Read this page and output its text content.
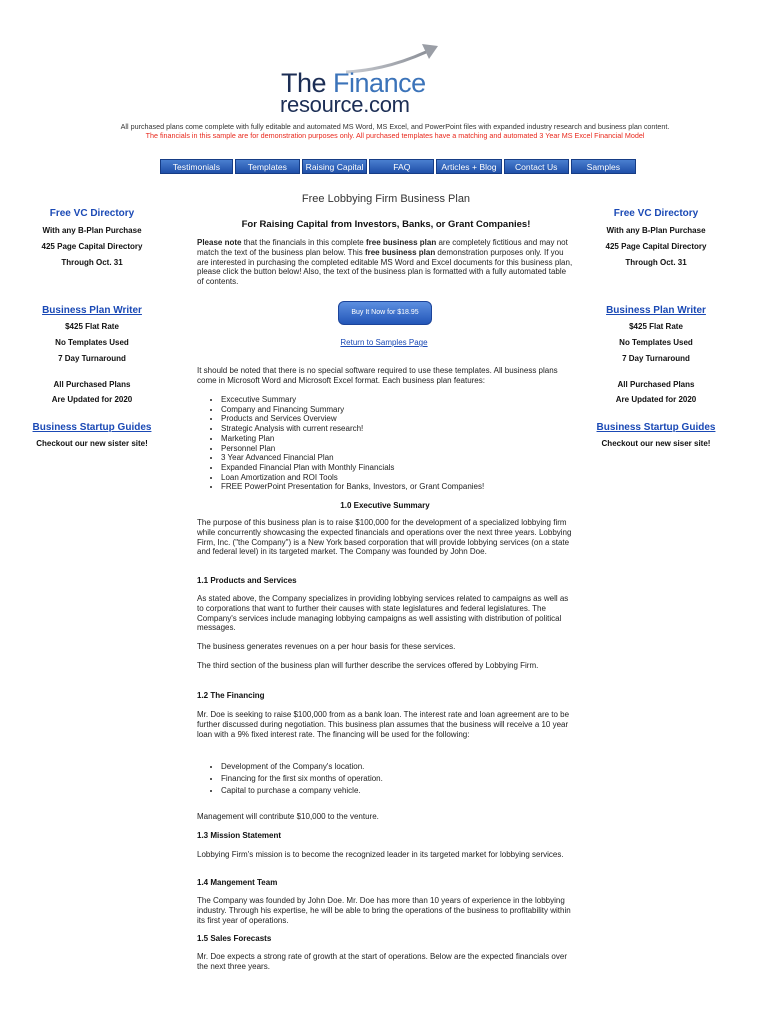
The Finance
resource.com
All purchased plans come complete with fully editable and automated MS Word, MS Excel, and PowerPoint files with expanded industry research and business plan content.
The financials in this sample are for demonstration purposes only. All purchased templates have a matching and automated 3 Year MS Excel Financial Model
Testimonials	Templates	Raising Capital	FAQ	Articles + Blog	Contact Us	Samples
Free VC Directory
With any B-Plan Purchase
425 Page Capital Directory
Through Oct. 31
Business Plan Writer
$425 Flat Rate
No Templates Used
7 Day Turnaround
All Purchased Plans
Are Updated for 2020
Business Startup Guides
Checkout our new sister site!
Free VC Directory
With any B-Plan Purchase
425 Page Capital Directory
Through Oct. 31
Business Plan Writer
$425 Flat Rate
No Templates Used
7 Day Turnaround
All Purchased Plans
Are Updated for 2020
Business Startup Guides
Checkout our new siser site!
Free Lobbying Firm Business Plan
For Raising Capital from Investors, Banks, or Grant Companies!
Please note that the financials in this complete free business plan are completely fictitious and may not match the text of the business plan below. This free business plan demonstration purposes only. If you are interested in purchasing the completed editable MS Word and Excel documents for this business plan, please click the button below! Also, the text of the business plan is formatted with a fully automated table of contents.
Buy It Now for $18.95
Return to Samples Page
It should be noted that there is no special software required to use these templates. All business plans come in Microsoft Word and Microsoft Excel format. Each business plan features:
• Excecutive Summary
• Company and Financing Summary
• Products and Services Overview
• Strategic Analysis with current research!
• Marketing Plan
• Personnel Plan
• 3 Year Advanced Financial Plan
• Expanded Financial Plan with Monthly Financials
• Loan Amortization and ROI Tools
• FREE PowerPoint Presentation for Banks, Investors, or Grant Companies!
1.0 Executive Summary
The purpose of this business plan is to raise $100,000 for the development of a specialized lobbying firm while concurrently showcasing the expected financials and operations over the next three years. Lobbying Firm, Inc. ("the Company") is a New York based corporation that will provide lobbying services (on a state and federal level) in its targeted market. The Company was founded by John Doe.
1.1 Products and Services
As stated above, the Company specializes in providing lobbying services related to campaigns as well as to corporations that want to further their causes with state legislatures and federal legislatures. The Company's services include managing lobbying campaigns as well assisting with distribution of political messages.
The business generates revenues on a per hour basis for these services.
The third section of the business plan will further describe the services offered by Lobbying Firm.
1.2 The Financing
Mr. Doe is seeking to raise $100,000 from as a bank loan. The interest rate and loan agreement are to be further discussed during negotiation. This business plan assumes that the business will receive a 10 year loan with a 9% fixed interest rate. The financing will be used for the following:
• Development of the Company's location.
• Financing for the first six months of operation.
• Capital to purchase a company vehicle.
Management will contribute $10,000 to the venture.
1.3 Mission Statement
Lobbying Firm's mission is to become the recognized leader in its targeted market for lobbying services.
1.4 Mangement Team
The Company was founded by John Doe. Mr. Doe has more than 10 years of experience in the lobbying industry. Through his expertise, he will be able to bring the operations of the business to profitability within its first year of operations.
1.5 Sales Forecasts
Mr. Doe expects a strong rate of growth at the start of operations. Below are the expected financials over the next three years.
